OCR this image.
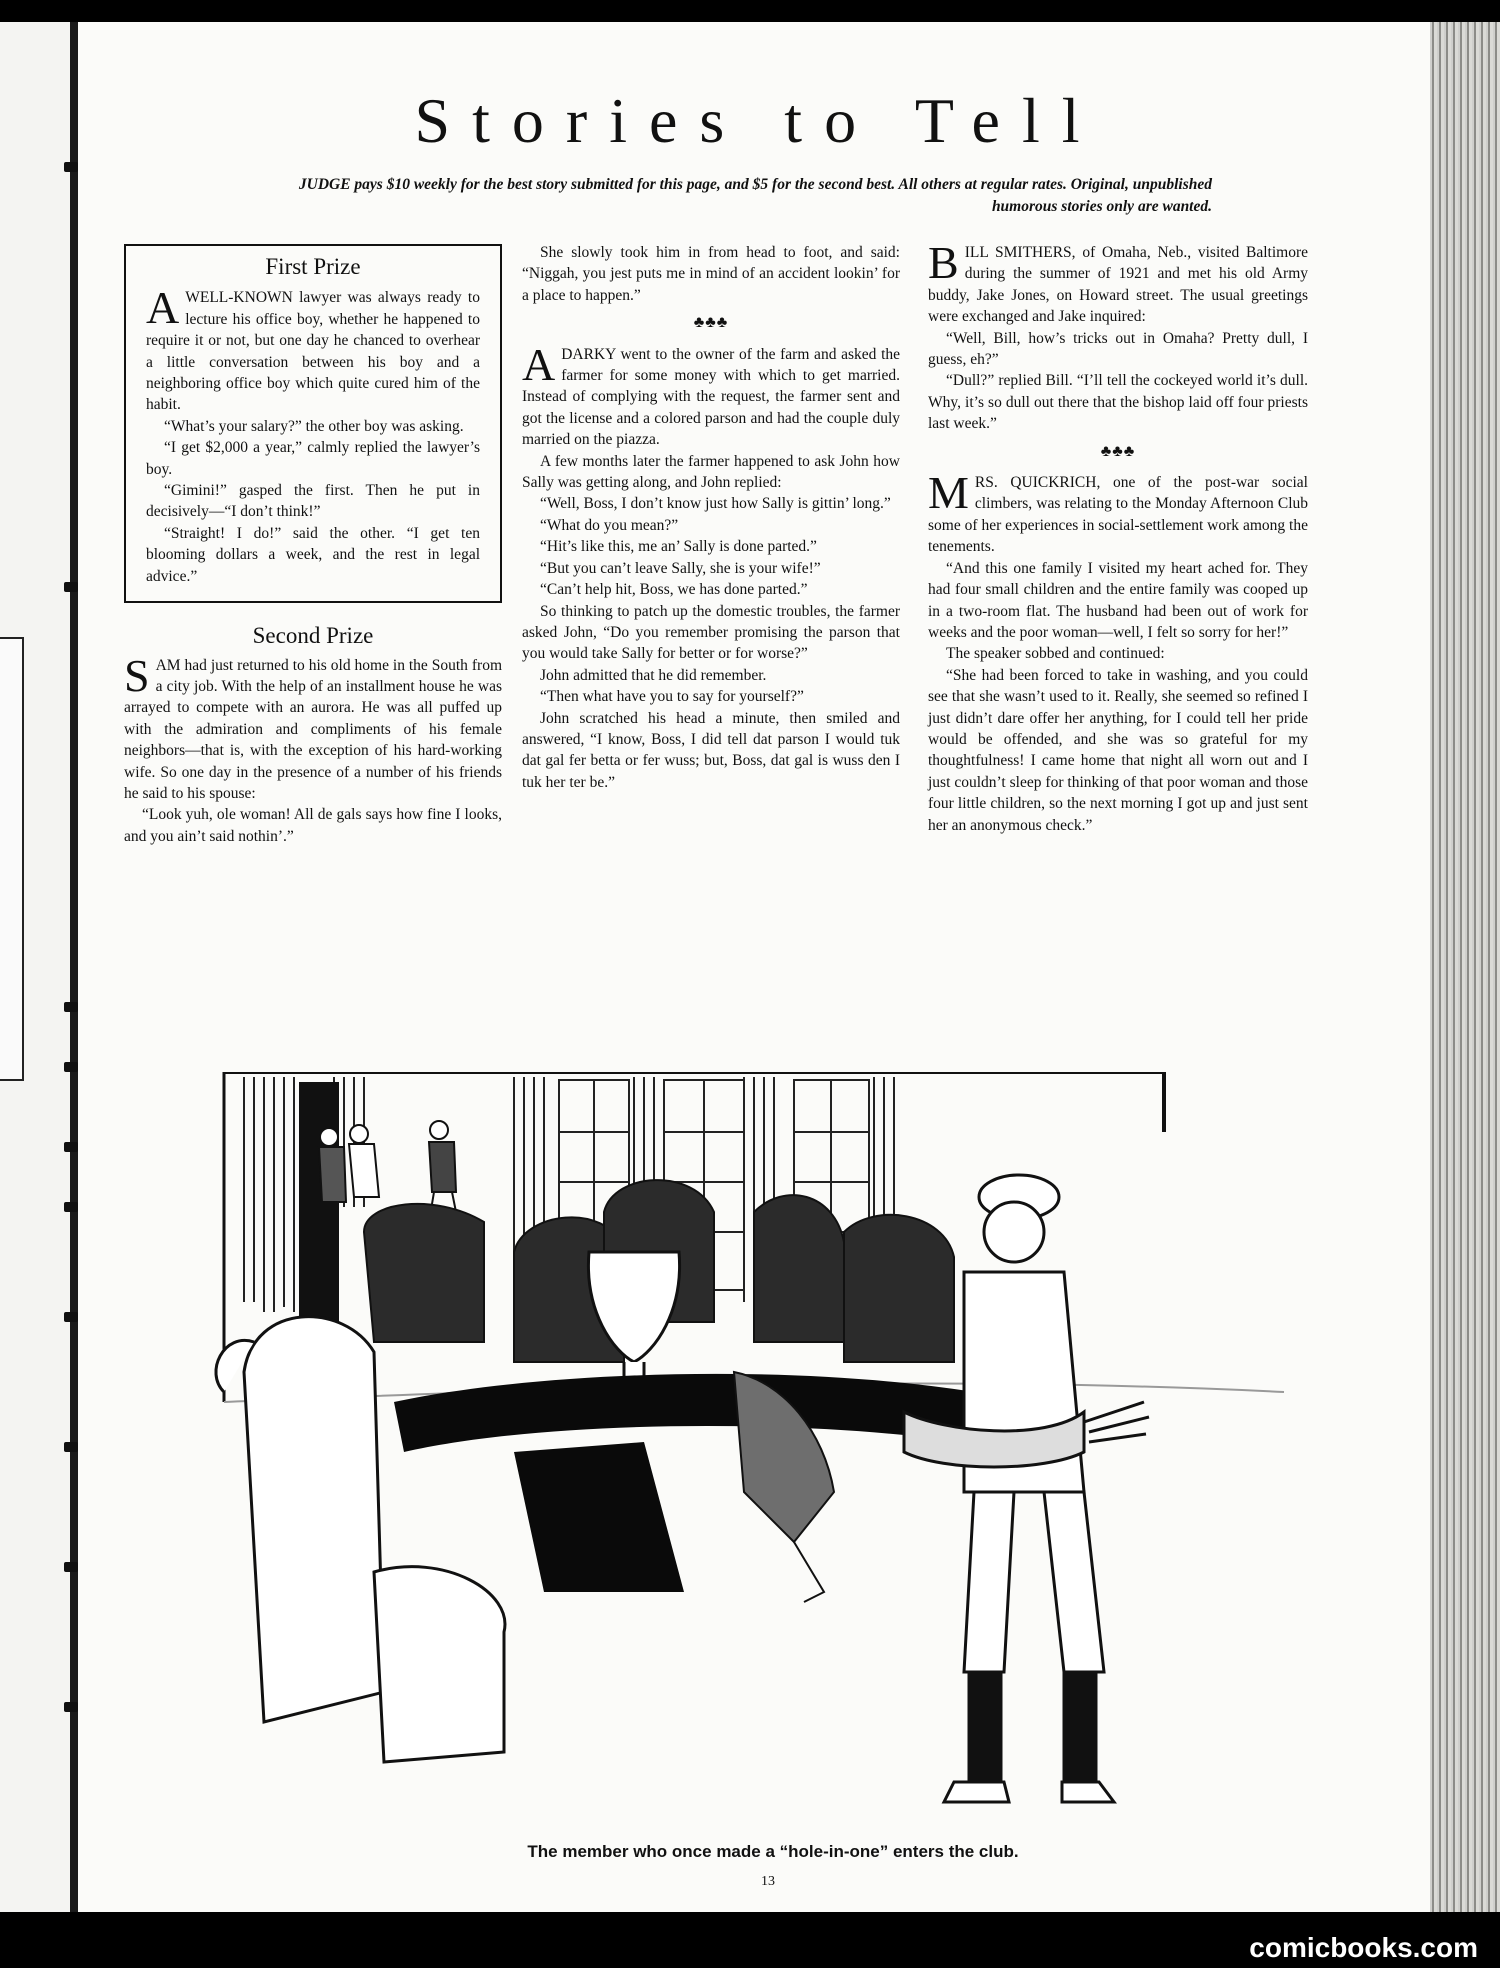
Stories to Tell
JUDGE pays $10 weekly for the best story submitted for this page, and $5 for the second best. All others at regular rates. Original, unpublished humorous stories only are wanted.
First Prize

AWELL-KNOWN lawyer was always ready to lecture his office boy, whether he happened to require it or not, but one day he chanced to overhear a little conversation between his boy and a neighboring office boy which quite cured him of the habit.

“What’s your salary?” the other boy was asking.

“I get $2,000 a year,” calmly replied the lawyer’s boy.

“Gimini!” gasped the first. Then he put in decisively—“I don’t think!”

“Straight! I do!” said the other. “I get ten blooming dollars a week, and the rest in legal advice.”

Second Prize

SAM had just returned to his old home in the South from a city job. With the help of an installment house he was arrayed to compete with an aurora. He was all puffed up with the admiration and compliments of his female neighbors—that is, with the exception of his hard-working wife. So one day in the presence of a number of his friends he said to his spouse:

“Look yuh, ole woman! All de gals says how fine I looks, and you ain’t said nothin’.”

She slowly took him in from head to foot, and said: “Niggah, you jest puts me in mind of an accident lookin’ for a place to happen.”

♣♣♣

ADARKY went to the owner of the farm and asked the farmer for some money with which to get married. Instead of complying with the request, the farmer sent and got the license and a colored parson and had the couple duly married on the piazza.

A few months later the farmer happened to ask John how Sally was getting along, and John replied:

“Well, Boss, I don’t know just how Sally is gittin’ long.”

“What do you mean?”

“Hit’s like this, me an’ Sally is done parted.”

“But you can’t leave Sally, she is your wife!”

“Can’t help hit, Boss, we has done parted.”

So thinking to patch up the domestic troubles, the farmer asked John, “Do you remember promising the parson that you would take Sally for better or for worse?”

John admitted that he did remember.

“Then what have you to say for yourself?”

John scratched his head a minute, then smiled and answered, “I know, Boss, I did tell dat parson I would tuk dat gal fer betta or fer wuss; but, Boss, dat gal is wuss den I tuk her ter be.”

BILL SMITHERS, of Omaha, Neb., visited Baltimore during the summer of 1921 and met his old Army buddy, Jake Jones, on Howard street. The usual greetings were exchanged and Jake inquired:

“Well, Bill, how’s tricks out in Omaha? Pretty dull, I guess, eh?”

“Dull?” replied Bill. “I’ll tell the cockeyed world it’s dull. Why, it’s so dull out there that the bishop laid off four priests last week.”

♣♣♣

MRS. QUICKRICH, one of the post-war social climbers, was relating to the Monday Afternoon Club some of her experiences in social-settlement work among the tenements.

“And this one family I visited my heart ached for. They had four small children and the entire family was cooped up in a two-room flat. The husband had been out of work for weeks and the poor woman—well, I felt so sorry for her!”

The speaker sobbed and continued:

“She had been forced to take in washing, and you could see that she wasn’t used to it. Really, she seemed so refined I just didn’t dare offer her anything, for I could tell her pride would be offended, and she was so grateful for my thoughtfulness! I came home that night all worn out and I just couldn’t sleep for thinking of that poor woman and those four little children, so the next morning I got up and just sent her an anonymous check.”

The member who once made a “hole-in-one” enters the club.
13
comicbooks.com
